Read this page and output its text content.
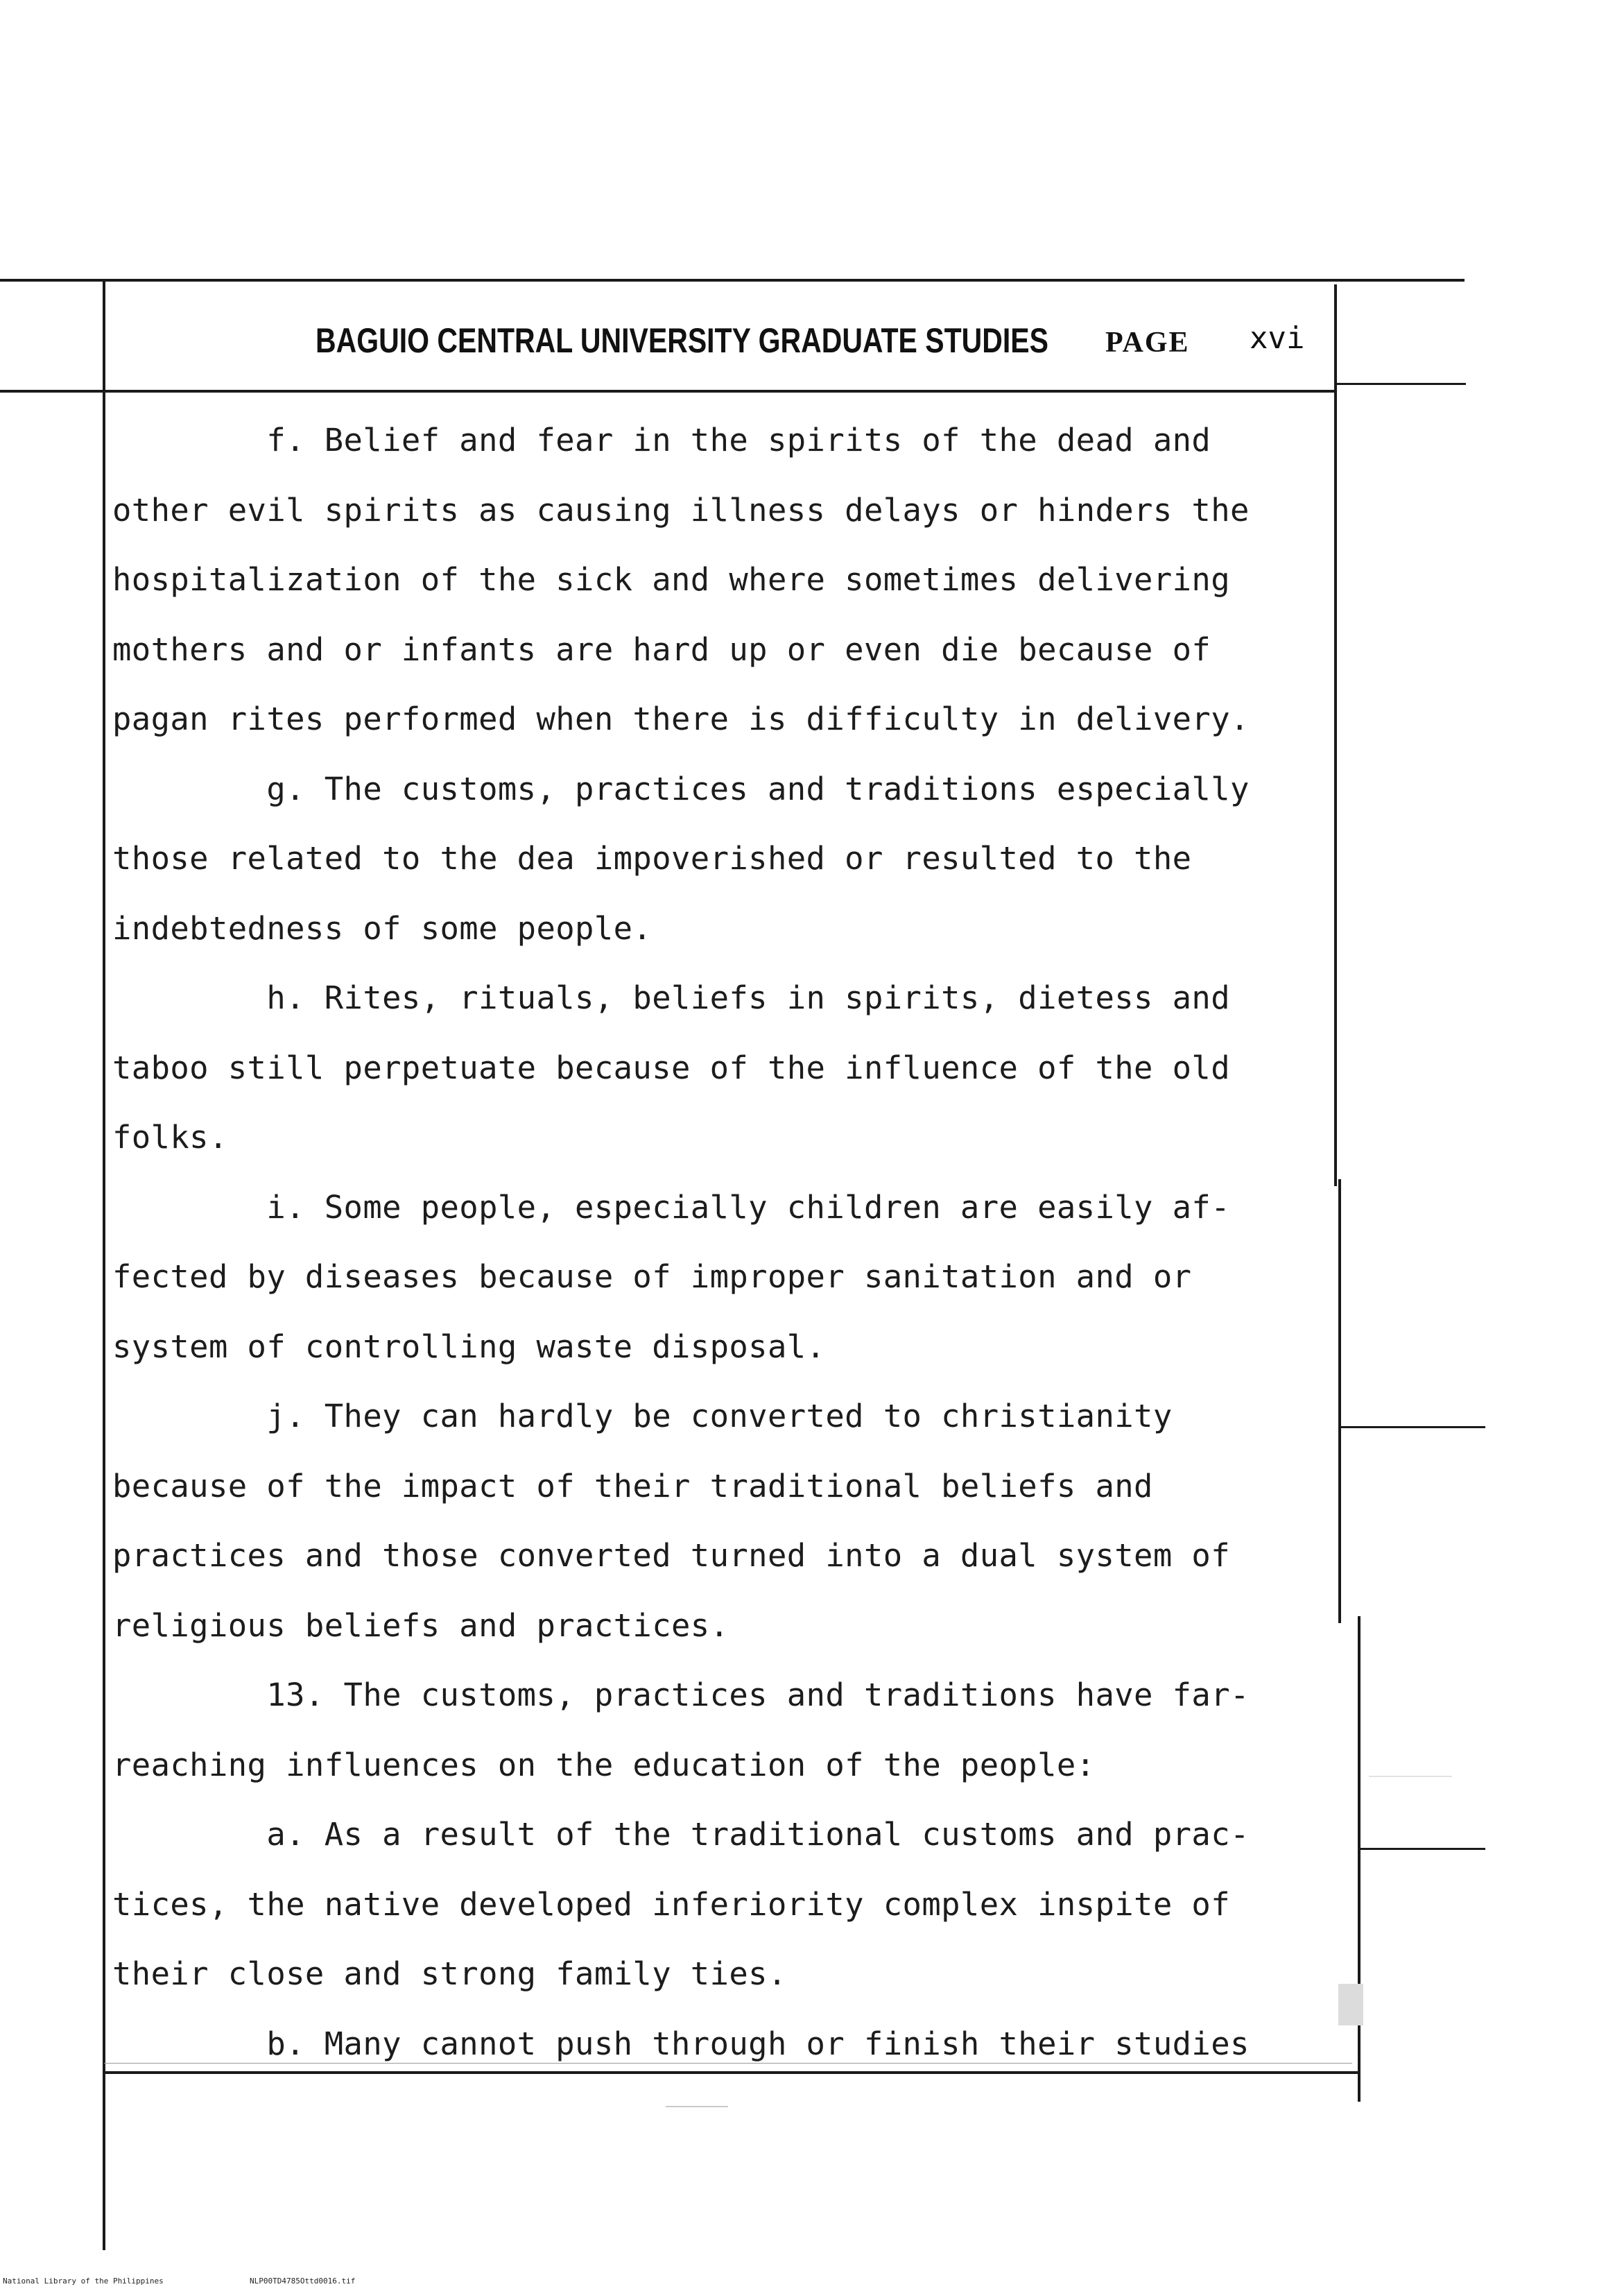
BAGUIO CENTRAL UNIVERSITY GRADUATE STUDIES PAGE xvi
f. Belief and fear in the spirits of the dead and
other evil spirits as causing illness delays or hinders the
hospitalization of the sick and where sometimes delivering
mothers and or infants are hard up or even die because of
pagan rites performed when there is difficulty in delivery.
g. The customs, practices and traditions especially
those related to the dea impoverished or resulted to the
indebtedness of some people.
h. Rites, rituals, beliefs in spirits, dietess and
taboo still perpetuate because of the influence of the old
folks.
i. Some people, especially children are easily af-
fected by diseases because of improper sanitation and or
system of controlling waste disposal.
j. They can hardly be converted to christianity
because of the impact of their traditional beliefs and
practices and those converted turned into a dual system of
religious beliefs and practices.
13. The customs, practices and traditions have far-
reaching influences on the education of the people:
a. As a result of the traditional customs and prac-
tices, the native developed inferiority complex inspite of
their close and strong family ties.
b. Many cannot push through or finish their studies
National Library of the Philippines	NLP00TD4785Ottd0016.tif
